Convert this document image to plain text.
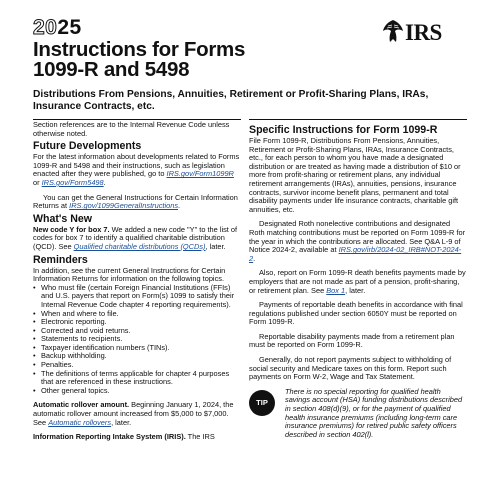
2025	IRS
Instructions for Forms
1099-R and 5498
Distributions From Pensions, Annuities, Retirement or Profit-Sharing Plans, IRAs, Insurance Contracts, etc.

Section references are to the Internal Revenue Code unless otherwise noted.

Future Developments

For the latest information about developments related to Forms 1099-R and 5498 and their instructions, such as legislation enacted after they were published, go to IRS.gov/Form1099R or IRS.gov/Form5498.

You can get the General Instructions for Certain Information Returns at IRS.gov/1099GeneralInstructions.

What's New

New code Y for box 7. We added a new code "Y" to the list of codes for box 7 to identify a qualified charitable distribution (QCD). See Qualified charitable distributions (QCDs), later.

Reminders

In addition, see the current General Instructions for Certain Information Returns for information on the following topics.

• Who must file (certain Foreign Financial Institutions (FFIs) and U.S. payers that report on Form(s) 1099 to satisfy their Internal Revenue Code chapter 4 reporting requirements).
• When and where to file.
• Electronic reporting.
• Corrected and void returns.
• Statements to recipients.
• Taxpayer identification numbers (TINs).
• Backup withholding.
• Penalties.
• The definitions of terms applicable for chapter 4 purposes that are referenced in these instructions.
• Other general topics.

Automatic rollover amount. Beginning January 1, 2024, the automatic rollover amount increased from $5,000 to $7,000. See Automatic rollovers, later.

Information Reporting Intake System (IRIS). The IRS

Specific Instructions for Form 1099-R

File Form 1099-R, Distributions From Pensions, Annuities, Retirement or Profit-Sharing Plans, IRAs, Insurance Contracts, etc., for each person to whom you have made a designated distribution or are treated as having made a distribution of $10 or more from profit-sharing or retirement plans, any individual retirement arrangements (IRAs), annuities, pensions, insurance contracts, survivor income benefit plans, permanent and total disability payments under life insurance contracts, charitable gift annuities, etc.

Designated Roth nonelective contributions and designated Roth matching contributions must be reported on Form 1099-R for the year in which the contributions are allocated. See Q&A L-9 of Notice 2024-2, available at IRS.gov/irb/2024-02_IRB#NOT-2024-2.

Also, report on Form 1099-R death benefits payments made by employers that are not made as part of a pension, profit-sharing, or retirement plan. See Box 1, later.

Payments of reportable death benefits in accordance with final regulations published under section 6050Y must be reported on Form 1099-R.

Reportable disability payments made from a retirement plan must be reported on Form 1099-R.

Generally, do not report payments subject to withholding of social security and Medicare taxes on this form. Report such payments on Form W-2, Wage and Tax Statement.

TIP

There is no special reporting for qualified health savings account (HSA) funding distributions described in section 408(d)(9), or for the payment of qualified health insurance premiums (including long-term care insurance premiums) for retired public safety officers described in section 402(l).
